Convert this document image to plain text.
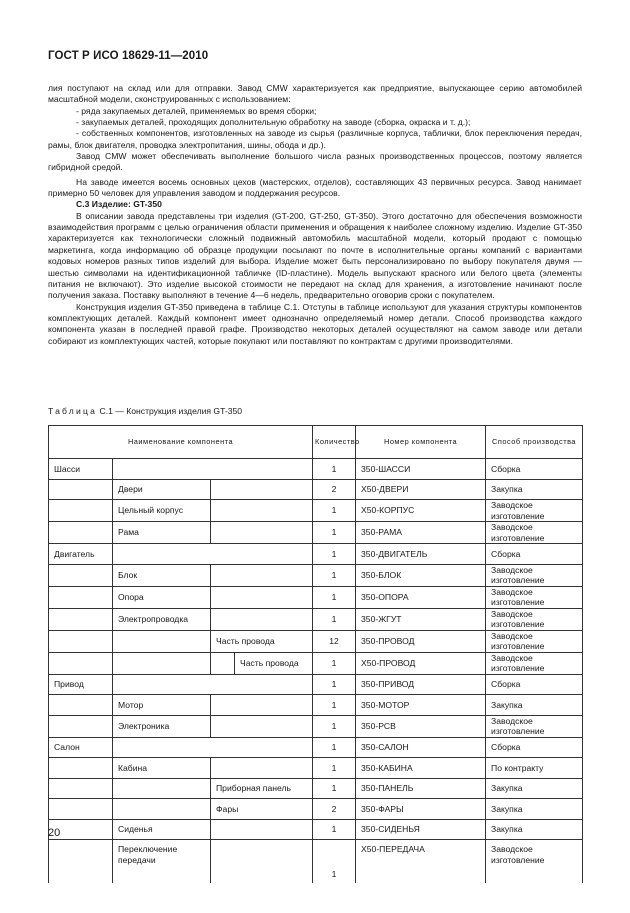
ГОСТ Р ИСО 18629-11—2010

лия поступают на склад или для отправки. Завод CMW характеризуется как предприятие, выпускающее серию автомобилей масштабной модели, сконструированных с использованием:

- ряда закупаемых деталей, применяемых во время сборки;

- закупаемых деталей, проходящих дополнительную обработку на заводе (сборка, окраска и т. д.);

- собственных компонентов, изготовленных на заводе из сырья (различные корпуса, таблички, блок переключения передач, рамы, блок двигателя, проводка электропитания, шины, обода и др.).

Завод CMW может обеспечивать выполнение большого числа разных производственных процессов, поэтому является гибридной средой.

На заводе имеется восемь основных цехов (мастерских, отделов), составляющих 43 первичных ресурса. Завод нанимает примерно 50 человек для управления заводом и поддержания ресурсов.

С.3 Изделие: GT-350

В описании завода представлены три изделия (GT-200, GT-250, GT-350). Этого достаточно для обеспечения возможности взаимодействия программ с целью ограничения области применения и обращения к наиболее сложному изделию. Изделие GT-350 характеризуется как технологически сложный подвижный автомобиль масштабной модели, который продают с помощью маркетинга, когда информацию об образце продукции посылают по почте в исполнительные органы компаний с вариантами кодовых номеров разных типов изделий для выбора. Изделие может быть персонализировано по выбору покупателя двумя — шестью символами на идентификационной табличке (ID-пластине). Модель выпускают красного или белого цвета (элементы питания не включают). Это изделие высокой стоимости не передают на склад для хранения, а изготовление начинают после получения заказа. Поставку выполняют в течение 4—6 недель, предварительно оговорив сроки с покупателем.

Конструкция изделия GT-350 приведена в таблице С.1. Отступы в таблице используют для указания структуры компонентов комплектующих деталей. Каждый компонент имеет однозначно определяемый номер детали. Способ производства каждого компонента указан в последней правой графе. Производство некоторых деталей осуществляют на самом заводе или детали собирают из комплектующих частей, которые покупают или поставляют по контрактам с другими производителями.

Таблица С.1 — Конструкция изделия GT-350
Наименование компонента				Количество	Номер компонента	Способ производства
Шасси				1	350-ШАССИ	Сборка
	Двери			2	Х50-ДВЕРИ	Закупка
	Цельный корпус			1	Х50-КОРПУС	Заводское изготовление
	Рама			1	350-РАМА	Заводское изготовление
Двигатель				1	350-ДВИГАТЕЛЬ	Сборка
	Блок			1	350-БЛОК	Заводское изготовление
	Опора			1	350-ОПОРА	Заводское изготовление
	Электропроводка			1	350-ЖГУТ	Заводское изготовление
		Часть провода		12	350-ПРОВОД	Заводское изготовление
			Часть провода	1	Х50-ПРОВОД	Заводское изготовление
Привод				1	350-ПРИВОД	Сборка
	Мотор			1	350-МОТОР	Закупка
	Электроника			1	350-РСВ	Заводское изготовление
Салон				1	350-САЛОН	Сборка
	Кабина			1	350-КАБИНА	По контракту
		Приборная панель		1	350-ПАНЕЛЬ	Закупка
		Фары		2	350-ФАРЫ	Закупка
	Сиденья			1	350-СИДЕНЬЯ	Закупка
	Переключение передачи			1	Х50-ПЕРЕДАЧА	Заводское изготовление
20
